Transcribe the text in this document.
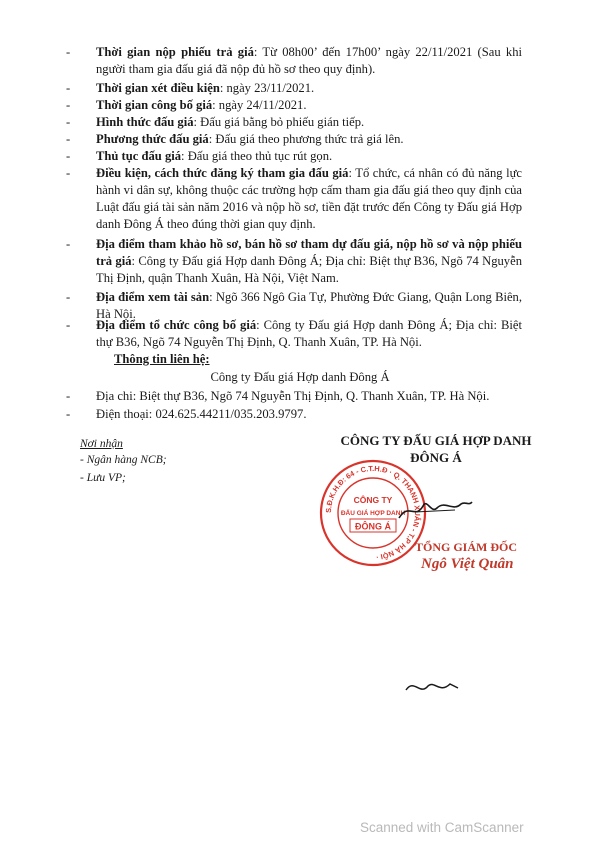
-	Thời gian nộp phiếu trả giá: Từ 08h00’ đến 17h00’ ngày 22/11/2021 (Sau khi người tham gia đấu giá đã nộp đủ hồ sơ theo quy định).
-	Thời gian xét điều kiện: ngày 23/11/2021.
-	Thời gian công bố giá: ngày 24/11/2021.
-	Hình thức đấu giá: Đấu giá bằng bỏ phiếu gián tiếp.
-	Phương thức đấu giá: Đấu giá theo phương thức trả giá lên.
-	Thủ tục đấu giá: Đấu giá theo thủ tục rút gọn.
-	Điều kiện, cách thức đăng ký tham gia đấu giá: Tổ chức, cá nhân có đủ năng lực hành vi dân sự, không thuộc các trường hợp cấm tham gia đấu giá theo quy định của Luật đấu giá tài sản năm 2016 và nộp hồ sơ, tiền đặt trước đến Công ty Đấu giá Hợp danh Đông Á theo đúng thời gian quy định.
-	Địa điểm tham khảo hồ sơ, bán hồ sơ tham dự đấu giá, nộp hồ sơ và nộp phiếu trả giá: Công ty Đấu giá Hợp danh Đông Á; Địa chỉ: Biệt thự B36, Ngõ 74 Nguyễn Thị Định, quận Thanh Xuân, Hà Nội, Việt Nam.
-	Địa điểm xem tài sản: Ngõ 366 Ngô Gia Tự, Phường Đức Giang, Quận Long Biên, Hà Nội.
-	Địa điểm tổ chức công bố giá: Công ty Đấu giá Hợp danh Đông Á; Địa chỉ: Biệt thự B36, Ngõ 74 Nguyễn Thị Định, Q. Thanh Xuân, TP. Hà Nội.
Thông tin liên hệ:
Công ty Đấu giá Hợp danh Đông Á
-	Địa chi: Biệt thự B36, Ngõ 74 Nguyễn Thị Định, Q. Thanh Xuân, TP. Hà Nội.
-	Điện thoại: 024.625.44211/035.203.9797.
Nơi nhận
- Ngân hàng NCB;
- Lưu VP;
CÔNG TY ĐẤU GIÁ HỢP DANH
ĐÔNG Á
S.Đ.K.H.Đ: 64 - C.T.H.Đ · Q. THANH XUÂN - T.P HÀ NỘI ·
CÔNG TY
ĐẤU GIÁ HỢP DANH
ĐÔNG Á
TỔNG GIÁM ĐỐC
Ngô Việt Quân
Scanned with CamScanner
